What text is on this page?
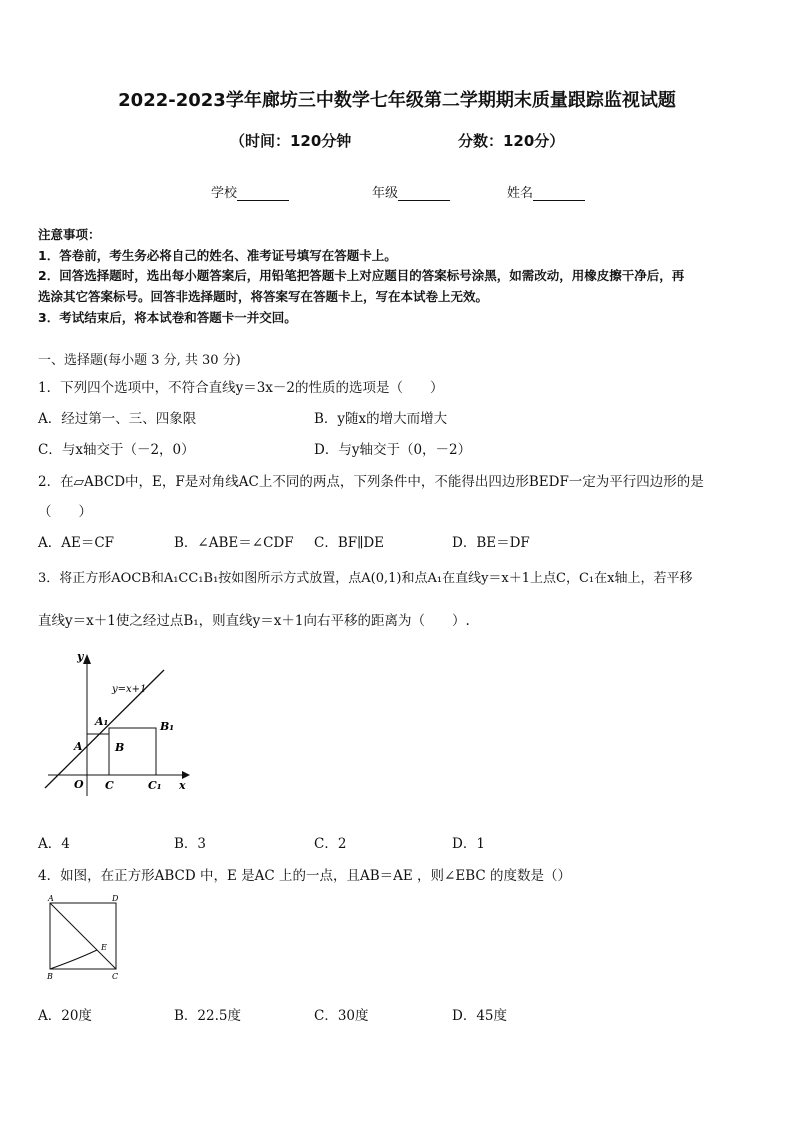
2022-2023学年廊坊三中数学七年级第二学期期末质量跟踪监视试题
（时间：120分钟	分数：120分）
学校	年级	姓名
注意事项：
1．答卷前，考生务必将自己的姓名、准考证号填写在答题卡上。
2．回答选择题时，选出每小题答案后，用铅笔把答题卡上对应题目的答案标号涂黑，如需改动，用橡皮擦干净后，再
选涂其它答案标号。回答非选择题时，将答案写在答题卡上，写在本试卷上无效。
3．考试结束后，将本试卷和答题卡一并交回。
一、选择题(每小题 3 分, 共 30 分)
1．下列四个选项中，不符合直线y＝3x－2的性质的选项是（　　）
A．经过第一、三、四象限	B．y随x的增大而增大
C．与x轴交于（－2，0）	D．与y轴交于（0，－2）
2．在▱ABCD中，E，F是对角线AC上不同的两点，下列条件中，不能得出四边形BEDF一定为平行四边形的是
（　　）
A．AE＝CF	B．∠ABE＝∠CDF C．BF∥DE	D．BE＝DF
3．将正方形AOCB和A₁CC₁B₁按如图所示方式放置，点A(0,1)和点A₁在直线y＝x＋1上点C，C₁在x轴上，若平移
直线y＝x＋1使之经过点B₁，则直线y＝x＋1向右平移的距离为（　　）.
y=x+1
y
x
O
A
A₁
B
B₁
C	C₁
A．4	B．3	C．2	D．1
4．如图，在正方形ABCD 中，E 是AC 上的一点，且AB＝AE ，则∠EBC 的度数是（）
A	D
B	C
E
A．20度	B．22.5度	C．30度	D．45度
